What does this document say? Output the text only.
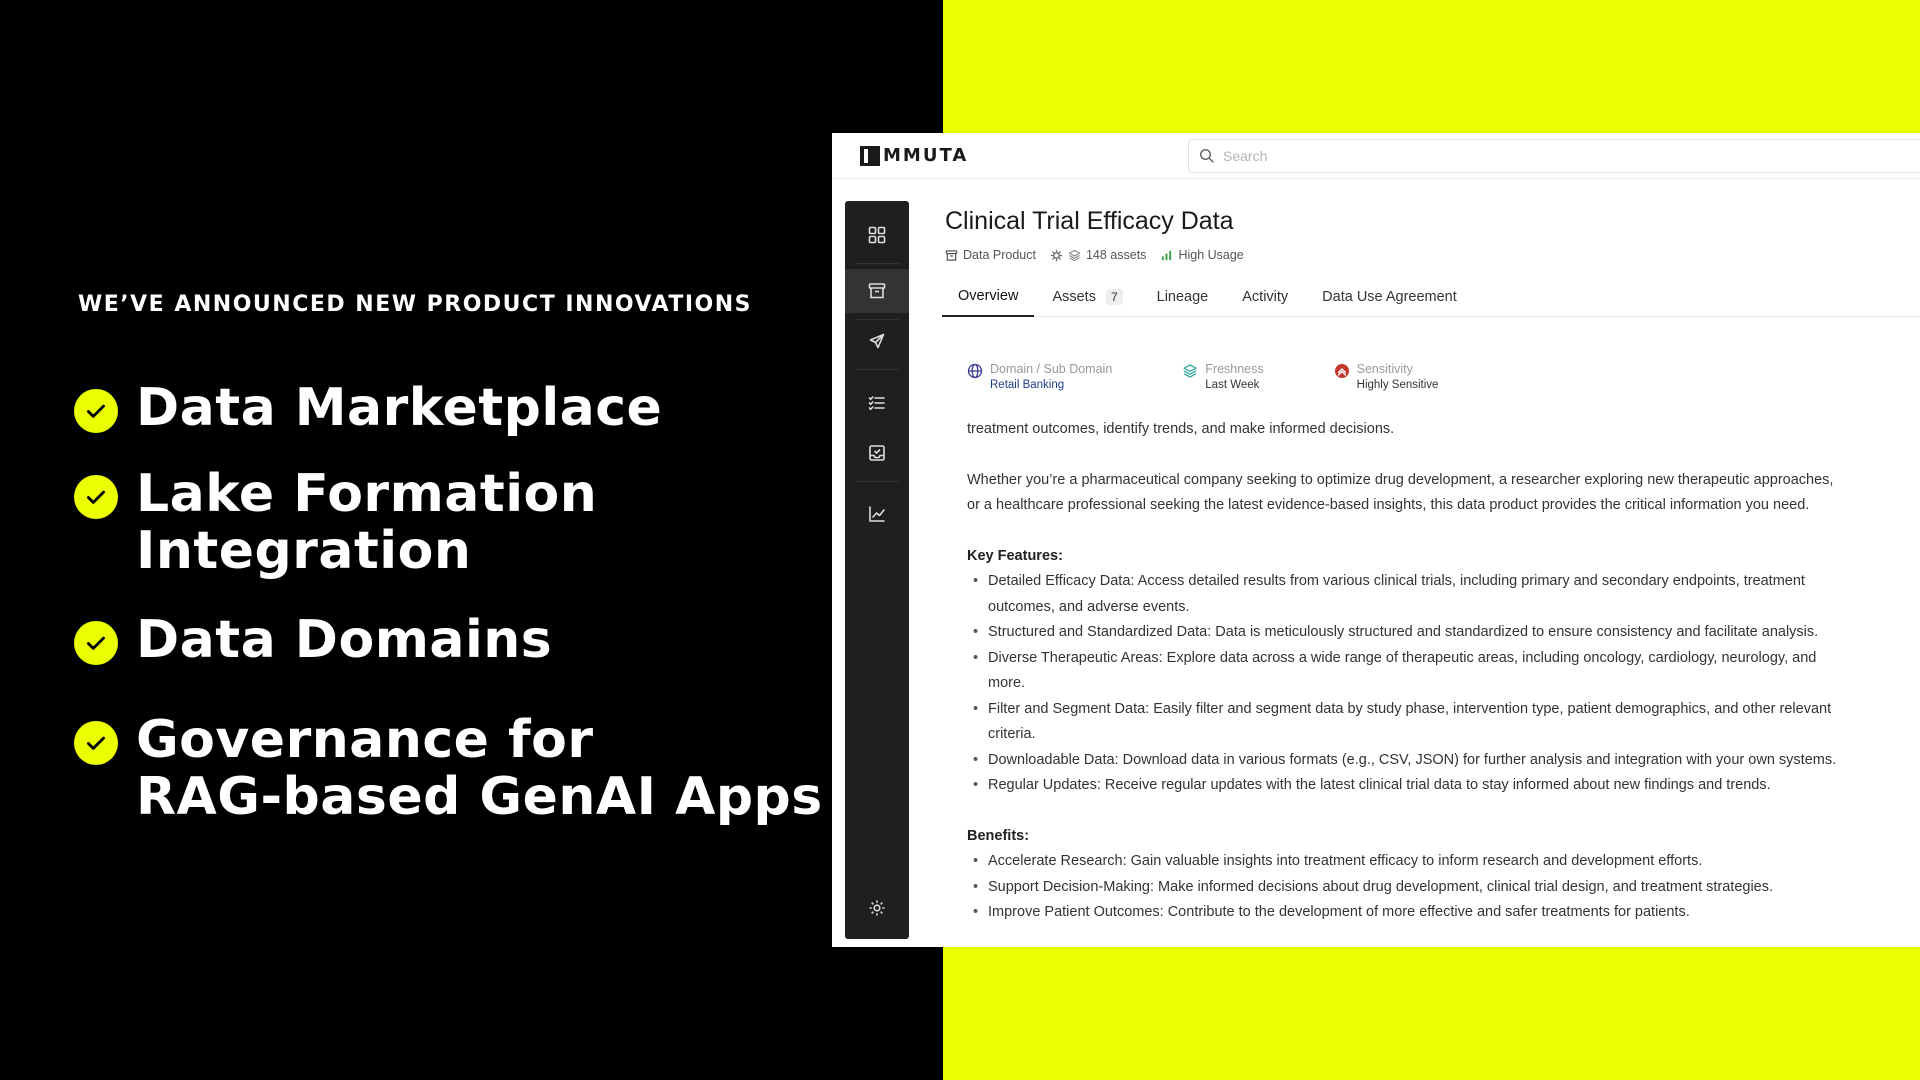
WE’VE ANNOUNCED NEW PRODUCT INNOVATIONS
Data Marketplace
Lake Formation
Integration
Data Domains
Governance for
RAG-based GenAI Apps
MMUTA
Search
Clinical Trial Efficacy Data
Data Product	148 assets	High Usage
Overview Assets	7	Lineage Activity Data Use Agreement
Domain / Sub Domain
Retail Banking
Freshness
Last Week
Sensitivity
Highly Sensitive

treatment outcomes, identify trends, and make informed decisions.

Whether you’re a pharmaceutical company seeking to optimize drug development, a researcher exploring new therapeutic approaches, or a healthcare professional seeking the latest evidence-based insights, this data product provides the critical information you need.

Key Features:
• Detailed Efficacy Data: Access detailed results from various clinical trials, including primary and secondary endpoints, treatment outcomes, and adverse events.
• Structured and Standardized Data: Data is meticulously structured and standardized to ensure consistency and facilitate analysis.
• Diverse Therapeutic Areas: Explore data across a wide range of therapeutic areas, including oncology, cardiology, neurology, and more.
• Filter and Segment Data: Easily filter and segment data by study phase, intervention type, patient demographics, and other relevant criteria.
• Downloadable Data: Download data in various formats (e.g., CSV, JSON) for further analysis and integration with your own systems.
• Regular Updates: Receive regular updates with the latest clinical trial data to stay informed about new findings and trends.
Benefits:
• Accelerate Research: Gain valuable insights into treatment efficacy to inform research and development efforts.
• Support Decision-Making: Make informed decisions about drug development, clinical trial design, and treatment strategies.
• Improve Patient Outcomes: Contribute to the development of more effective and safer treatments for patients.
